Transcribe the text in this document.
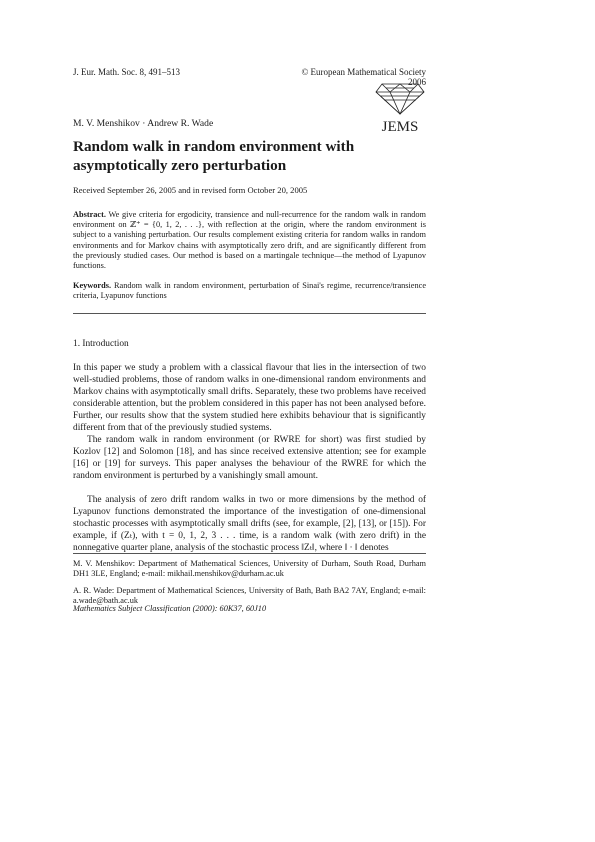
J. Eur. Math. Soc. 8, 491–513	© European Mathematical Society 2006
JEMS
M. V. Menshikov · Andrew R. Wade
Random walk in random environment with asymptotically zero perturbation
Received September 26, 2005 and in revised form October 20, 2005
Abstract. We give criteria for ergodicity, transience and null-recurrence for the random walk in random environment on ℤ⁺ = {0, 1, 2, . . .}, with reflection at the origin, where the random environment is subject to a vanishing perturbation. Our results complement existing criteria for random walks in random environments and for Markov chains with asymptotically zero drift, and are significantly different from the previously studied cases. Our method is based on a martingale technique—the method of Lyapunov functions.
Keywords. Random walk in random environment, perturbation of Sinai's regime, recurrence/transience criteria, Lyapunov functions
1. Introduction
In this paper we study a problem with a classical flavour that lies in the intersection of two well-studied problems, those of random walks in one-dimensional random environments and Markov chains with asymptotically small drifts. Separately, these two problems have received considerable attention, but the problem considered in this paper has not been analysed before. Further, our results show that the system studied here exhibits behaviour that is significantly different from that of the previously studied systems.
The random walk in random environment (or RWRE for short) was first studied by Kozlov [12] and Solomon [18], and has since received extensive attention; see for example [16] or [19] for surveys. This paper analyses the behaviour of the RWRE for which the random environment is perturbed by a vanishingly small amount.
The analysis of zero drift random walks in two or more dimensions by the method of Lyapunov functions demonstrated the importance of the investigation of one-dimensional stochastic processes with asymptotically small drifts (see, for example, [2], [13], or [15]). For example, if (Zₜ), with t = 0, 1, 2, 3 . . . time, is a random walk (with zero drift) in the nonnegative quarter plane, analysis of the stochastic process ‖Zₜ‖, where ‖ · ‖ denotes
M. V. Menshikov: Department of Mathematical Sciences, University of Durham, South Road, Durham DH1 3LE, England; e-mail: mikhail.menshikov@durham.ac.uk
A. R. Wade: Department of Mathematical Sciences, University of Bath, Bath BA2 7AY, England; e-mail: a.wade@bath.ac.uk
Mathematics Subject Classification (2000): 60K37, 60J10
